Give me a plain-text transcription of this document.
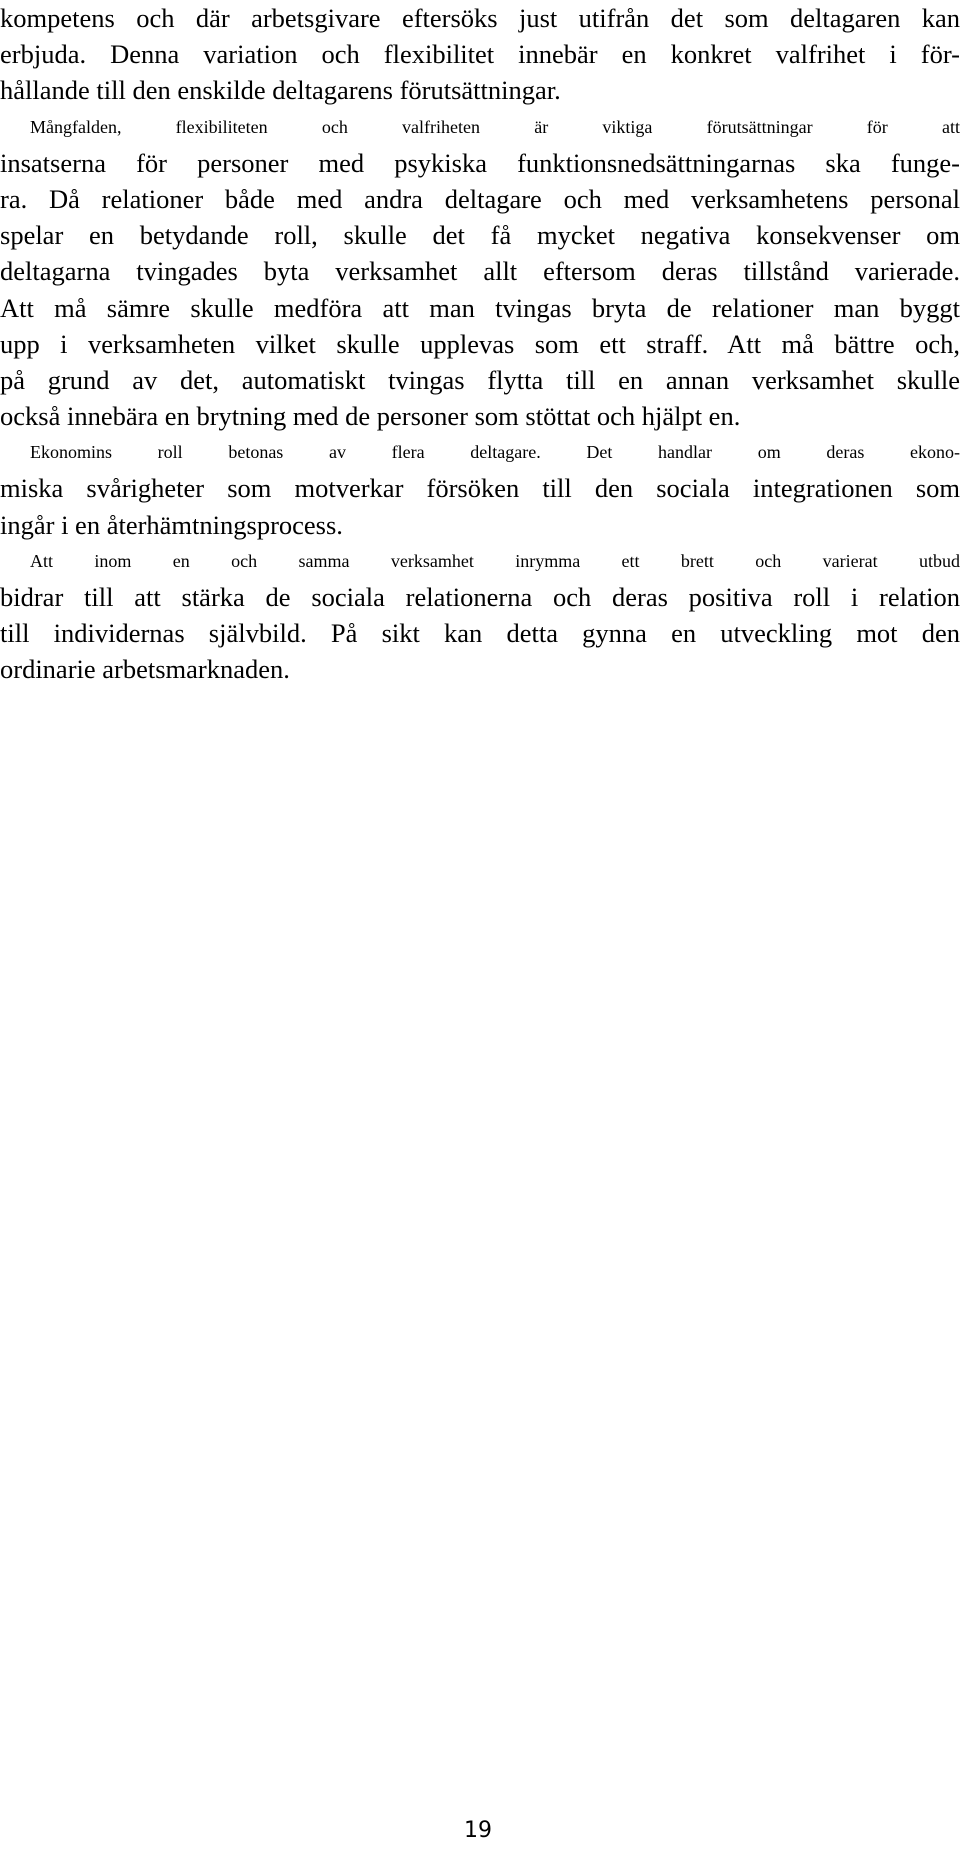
kompetens och där arbetsgivare eftersöks just utifrån det som deltagaren kan
erbjuda. Denna variation och flexibilitet innebär en konkret valfrihet i för-
hållande till den enskilde deltagarens förutsättningar.
Mångfalden, flexibiliteten och valfriheten är viktiga förutsättningar för att
insatserna för personer med psykiska funktionsnedsättningarnas ska funge-
ra. Då relationer både med andra deltagare och med verksamhetens personal
spelar en betydande roll, skulle det få mycket negativa konsekvenser om
deltagarna tvingades byta verksamhet allt eftersom deras tillstånd varierade.
Att må sämre skulle medföra att man tvingas bryta de relationer man byggt
upp i verksamheten vilket skulle upplevas som ett straff. Att må bättre och,
på grund av det, automatiskt tvingas flytta till en annan verksamhet skulle
också innebära en brytning med de personer som stöttat och hjälpt en.
Ekonomins roll betonas av flera deltagare. Det handlar om deras ekono-
miska svårigheter som motverkar försöken till den sociala integrationen som
ingår i en återhämtningsprocess.
Att inom en och samma verksamhet inrymma ett brett och varierat utbud
bidrar till att stärka de sociala relationerna och deras positiva roll i relation
till individernas självbild. På sikt kan detta gynna en utveckling mot den
ordinarie arbetsmarknaden.
19
